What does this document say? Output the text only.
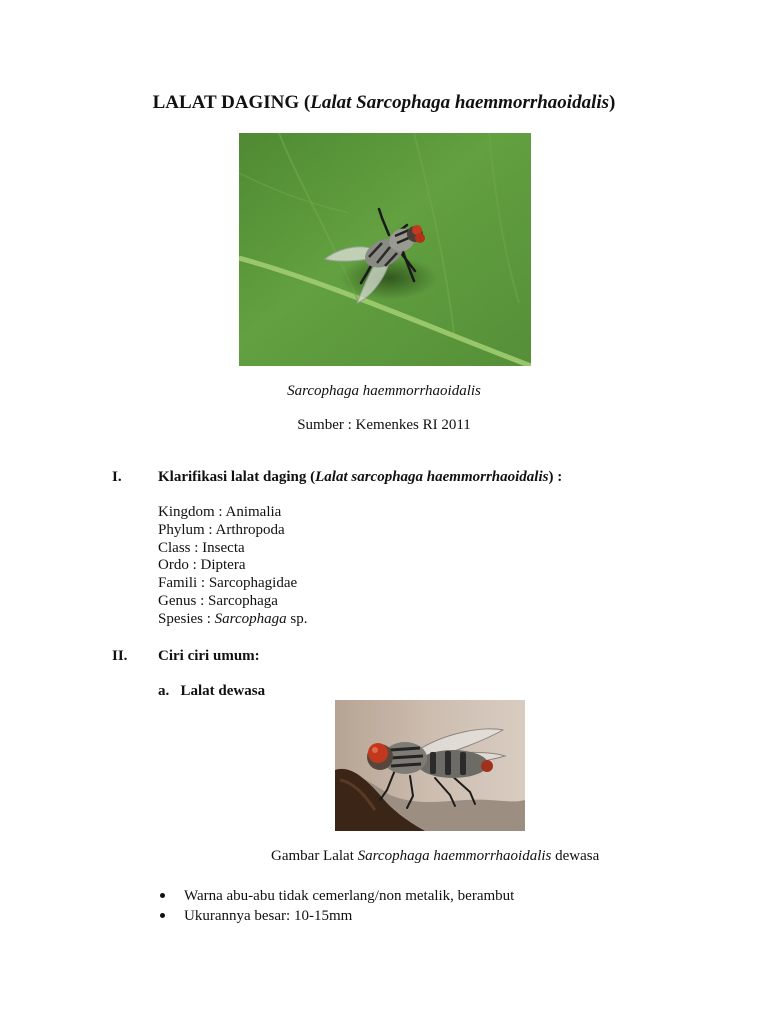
LALAT DAGING (Lalat Sarcophaga haemmorrhaoidalis)
Sarcophaga haemmorrhaoidalis
Sumber : Kemenkes RI 2011
I. Klarifikasi lalat daging (Lalat sarcophaga haemmorrhaoidalis) :
Kingdom : Animalia
Phylum : Arthropoda
Class : Insecta
Ordo : Diptera
Famili : Sarcophagidae
Genus : Sarcophaga
Spesies : Sarcophaga sp.
II. Ciri ciri umum:
a.   Lalat dewasa
Gambar Lalat Sarcophaga haemmorrhaoidalis dewasa
Warna abu-abu tidak cemerlang/non metalik, berambut
Ukurannya besar: 10-15mm
